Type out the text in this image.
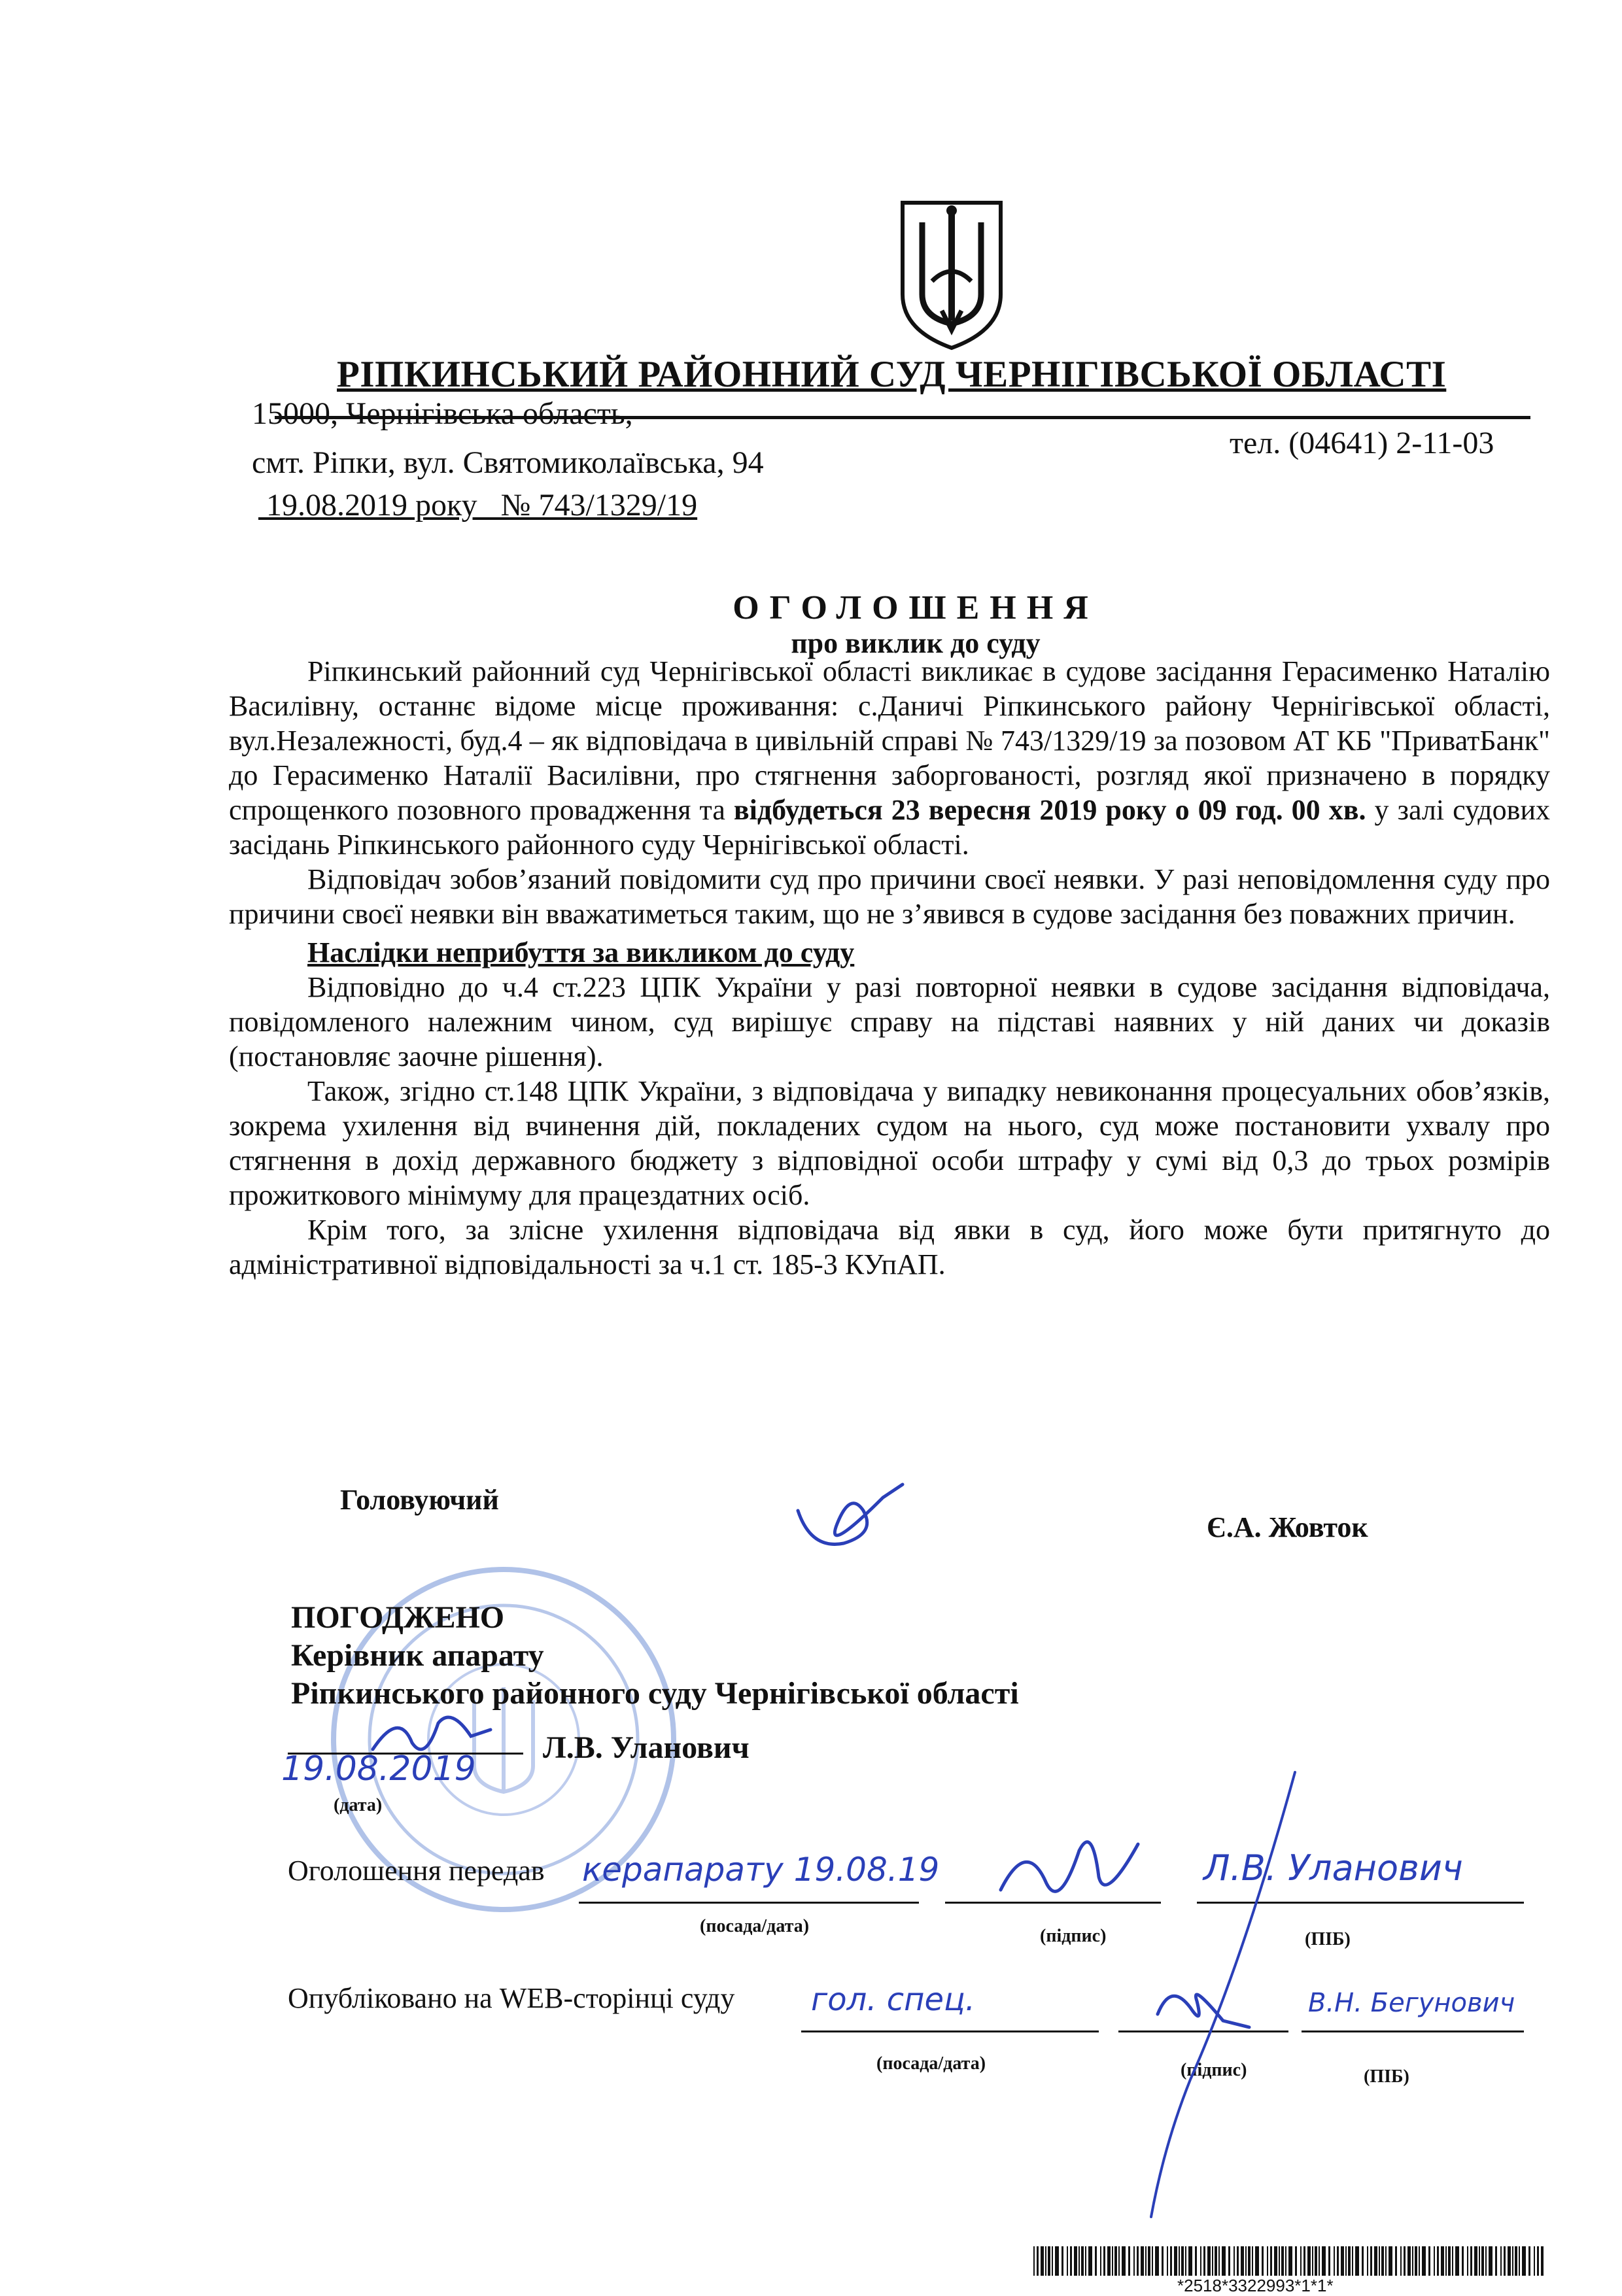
РІПКИНСЬКИЙ РАЙОННИЙ СУД ЧЕРНІГІВСЬКОЇ ОБЛАСТІ
15000, Чернігівська область,
смт. Ріпки, вул. Святомиколаївська, 94
тел. (04641) 2-11-03
19.08.2019 року   № 743/1329/19
ОГОЛОШЕННЯ
про виклик до суду

Ріпкинський районний суд Чернігівської області викликає в судове засідання Герасименко Наталію Василівну, останнє відоме місце проживання: с.Даничі Ріпкинського району Чернігівської області, вул.Незалежності, буд.4 – як відповідача в цивільній справі № 743/1329/19 за позовом АТ КБ "ПриватБанк" до Герасименко Наталії Василівни, про стягнення заборгованості, розгляд якої призначено в порядку спрощенкого позовного провадження та відбудеться 23 вересня 2019 року о 09 год. 00 хв. у залі судових засідань Ріпкинського районного суду Чернігівської області.

Відповідач зобов’язаний повідомити суд про причини своєї неявки. У разі неповідомлення суду про причини своєї неявки він вважатиметься таким, що не з’явився в судове засідання без поважних причин.

Наслідки неприбуття за викликом до суду

Відповідно до ч.4 ст.223 ЦПК України у разі повторної неявки в судове засідання відповідача, повідомленого належним чином, суд вирішує справу на підставі наявних у ній даних чи доказів (постановляє заочне рішення).

Також, згідно ст.148 ЦПК України, з відповідача у випадку невиконання процесуальних обов’язків, зокрема ухилення від вчинення дій, покладених судом на нього, суд може постановити ухвалу про стягнення в дохід державного бюджету з відповідної особи штрафу у сумі від 0,3 до трьох розмірів прожиткового мінімуму для працездатних осіб.

Крім того, за злісне ухилення відповідача від явки в суд, його може бути притягнуто до адміністративної відповідальності за ч.1 ст. 185-3 КУпАП.

Головуючий
Є.А. Жовток
ПОГОДЖЕНО
Керівник апарату
Ріпкинського районного суду Чернігівської області
Л.В. Уланович
19.08.2019
(дата)
Оголошення передав керапарату 19.08.19
(посада/дата)	(підпис)
Л.В. Уланович
(ПІБ)
Опубліковано на WEB-сторінці суду гол. спец.
(посада/дата)	(підпис)
В.Н. Бегунович
(ПІБ)
*2518*3322993*1*1*
